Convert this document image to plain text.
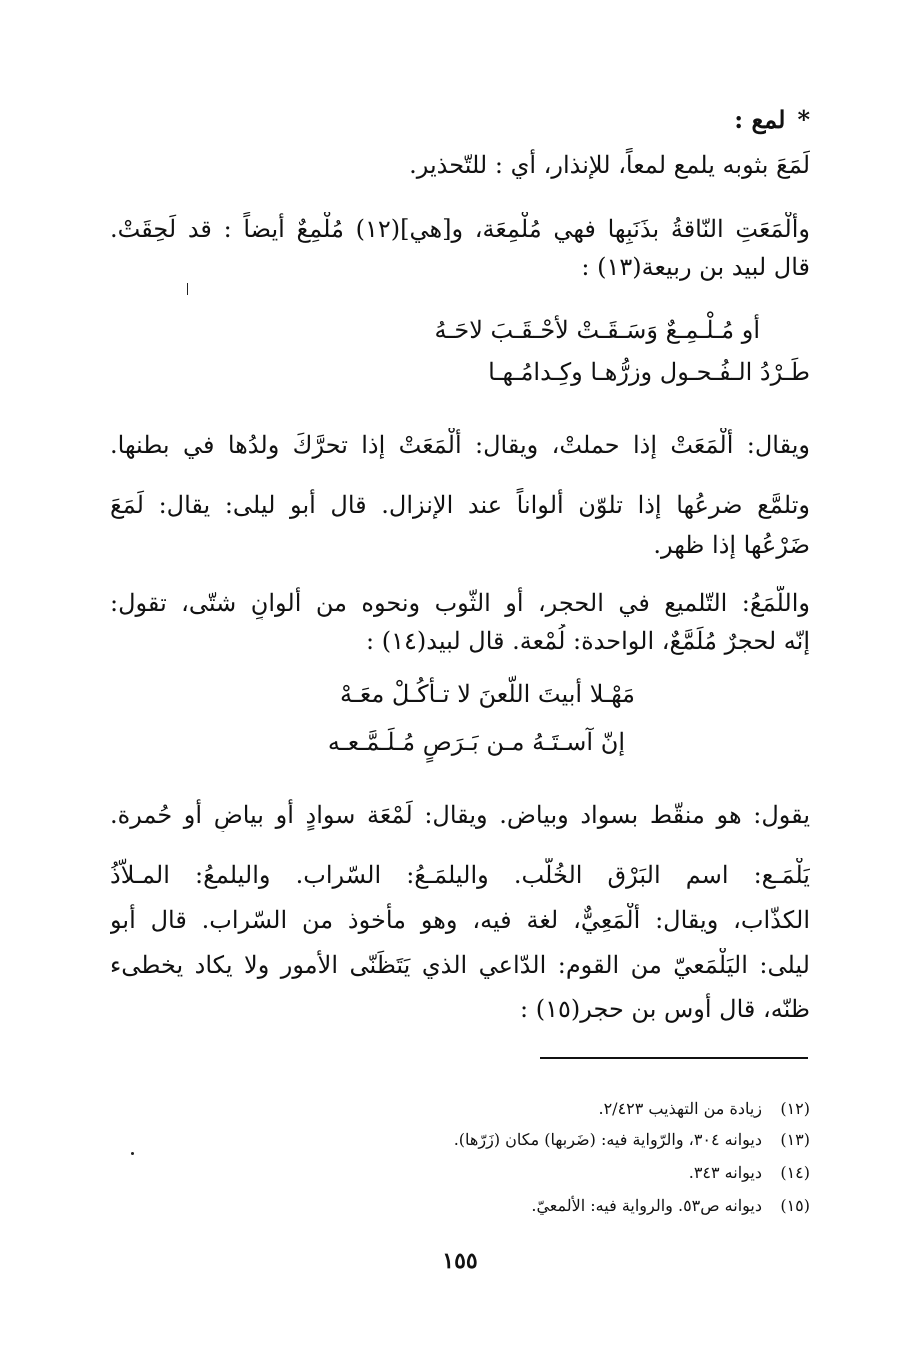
*لمع :
لَمَعَ بثوبه يلمع لمعاً، للإنذار، أي : للتّحذير.
وألْمَعَتِ النّاقةُ بذَنَبِها فهي مُلْمِعَة، و[هي](١٢) مُلْمِعٌ أيضاً : قد لَحِقَتْ.
قال لبيد بن ربيعة(١٣) :
أو مُـلْـمِـعٌ وَسَـقَـتْ لأحْـقَـبَ لاحَـهُ
طَـرْدُ الـفُـحـول وزرُّهـا وكِـدامُـهـا
ويقال: ألْمَعَتْ إذا حملتْ، ويقال: ألْمَعَتْ إذا تحرَّكَ ولدُها في بطنها.
وتلمَّع ضرعُها إذا تلوّن ألواناً عند الإنزال. قال أبو ليلى: يقال: لَمَعَ
ضَرْعُها إذا ظهر.
واللُّمَعُ: التّلميع في الحجر، أو الثّوب ونحوه من ألوانٍ شتّى، تقول:
إنّه لحجرٌ مُلَمَّعٌ، الواحدة: لُمْعة. قال لبيد(١٤) :
مَهْـلا أبيتَ اللّعنَ لا تـأكُـلْ معَـهْ
إنّ آسـتَـهُ مـن بَـرَصٍ مُـلَـمَّـعـه
يقول: هو منقّط بسواد وبياض. ويقال: لَمْعَة سوادٍ أو بياضٍ أو حُمرة.
يَلْمَـع: اسم البَرْق الخُلَّب. واليلمَـعُ: السّراب. واليلمعُ: المـلاّذُ
الكذّاب، ويقال: ألْمَعِيٌّ، لغة فيه، وهو مأخوذ من السّراب. قال أبو
ليلى: اليَلْمَعيّ من القوم: الدّاعي الذي يَتَظَنّى الأمور ولا يكاد يخطىء
ظنّه، قال أوس بن حجر(١٥) :
(١٢)زيادة من التهذيب ٢/٤٢٣.
(١٣)ديوانه ٣٠٤، والرّواية فيه: (ضَربها) مكان (زَرّها).
(١٤)ديوانه ٣٤٣.
(١٥)ديوانه ص٥٣. والرواية فيه: الألمعيّ.
١٥٥
